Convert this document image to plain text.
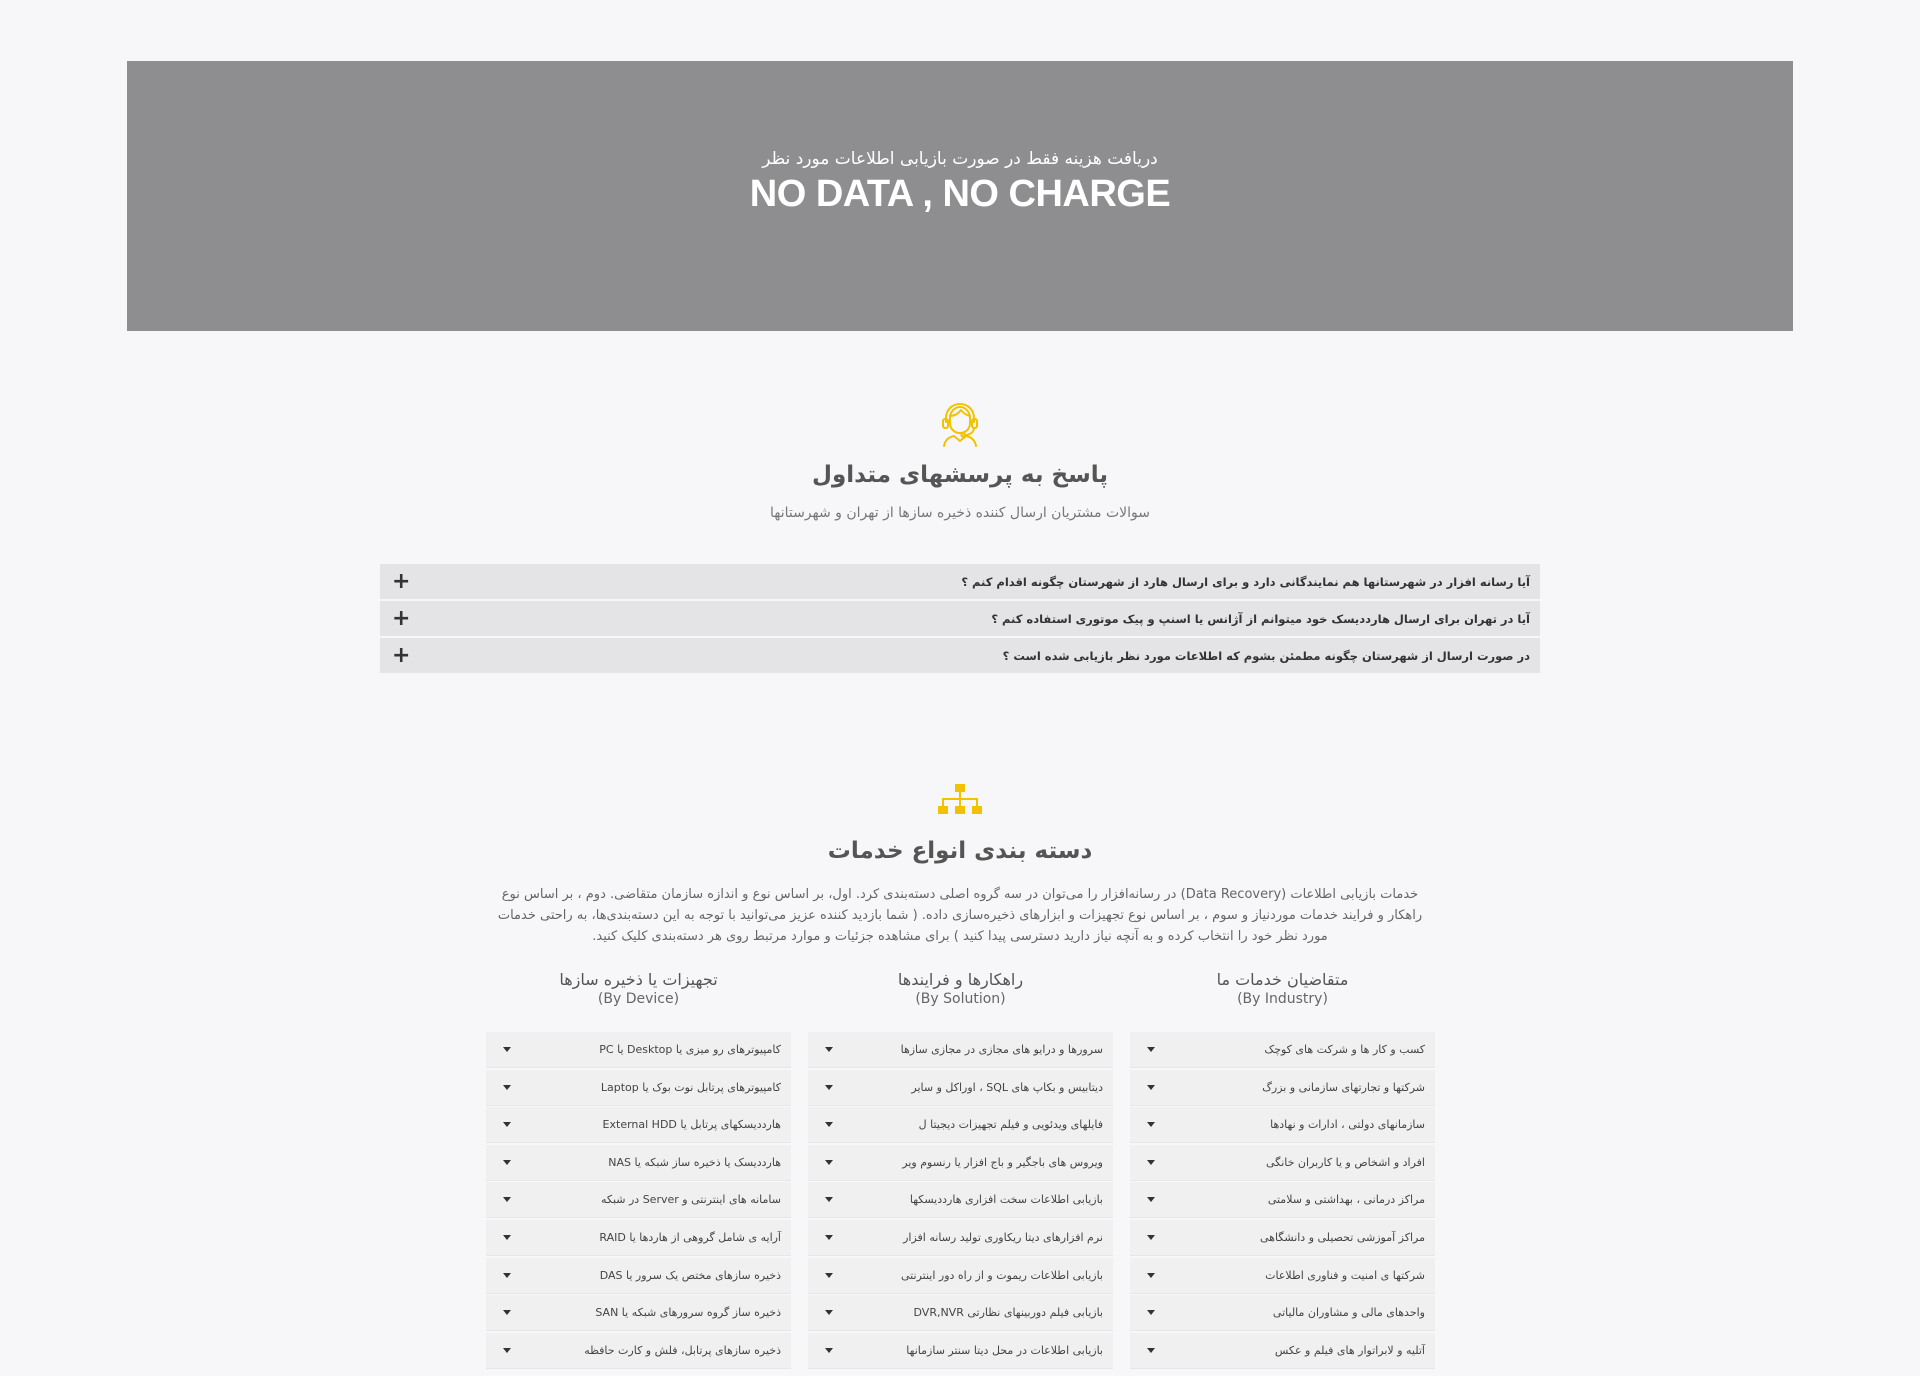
دریافت هزینه فقط در صورت بازیابی اطلاعات مورد نظر
NO DATA , NO CHARGE
پاسخ به پرسشهای متداول
سوالات مشتریان ارسال کننده ذخیره سازها از تهران و شهرستانها
+	آیا رسانه افزار در شهرستانها هم نمایندگانی دارد و برای ارسال هارد از شهرستان چگونه اقدام کنم ؟
+	آیا در تهران برای ارسال هارددیسک خود میتوانم از آژانس یا اسنپ و پیک موتوری استفاده کنم ؟
+	در صورت ارسال از شهرستان چگونه مطمئن بشوم که اطلاعات مورد نظر بازیابی شده است ؟
دسته بندی انواع خدمات
خدمات بازیابی اطلاعات (Data Recovery) در رسانه‌افزار را می‌توان در سه گروه اصلی دسته‌بندی کرد. اول، بر اساس نوع و اندازه سازمان متقاضی. دوم ، بر اساس نوع راهکار و فرایند خدمات موردنیاز و سوم ، بر اساس نوع تجهیزات و ابزارهای ذخیره‌سازی داده. ( شما بازدید کننده عزیز می‌توانید با توجه به این دسته‌بندی‌ها، به راحتی خدمات مورد نظر خود را انتخاب کرده و به آنچه نیاز دارید دسترسی پیدا کنید ) برای مشاهده جزئیات و موارد مرتبط روی هر دسته‌بندی کلیک کنید.
متقاضیان خدمات ما
(By Industry)
کسب و کار ها و شرکت های کوچک
شرکتها و تجارتهای سازمانی و بزرگ
سازمانهای دولتی ، ادارات و نهادها
افراد و اشخاص و یا کاربران خانگی
مراکز درمانی ، بهداشتی و سلامتی
مراکز آموزشی تحصیلی و دانشگاهی
شرکتها ی امنیت و فناوری اطلاعات
واحدهای مالی و مشاوران مالیاتی
آتلیه و لابراتوار های فیلم و عکس
راهکارها و فرایندها
(By Solution)
سرورها و درایو های مجازی در مجازی سازها
دیتابیس و بکاپ های SQL ، اوراکل و سایر
فایلهای ویدئویی و فیلم تجهیزات دیجیتا ل
ویروس های باجگیر و باج افزار یا رنسوم ویر
بازیابی اطلاعات سخت افزاری هارددیسکها
نرم افزارهای دیتا ریکاوری تولید رسانه افزار
بازیابی اطلاعات ریموت و از راه دور اینترنتی
بازیابی فیلم دوربینهای نظارتی DVR,NVR
بازیابی اطلاعات در محل دیتا سنتر سازمانها
تجهیزات یا ذخیره سازها
(By Device)
کامپیوترهای رو میزی یا Desktop یا PC
کامپیوترهای پرتابل نوت بوک یا Laptop
هارددیسکهای پرتابل یا External HDD
هارددیسک یا ذخیره ساز شبکه یا NAS
سامانه های اینترنتی و Server در شبکه
آرایه ی شامل گروهی از هاردها یا RAID
ذخیره سازهای مختص یک سرور یا DAS
ذخیره ساز گروه سرورهای شبکه یا SAN
ذخیره سازهای پرتابل، فلش و کارت حافظه
